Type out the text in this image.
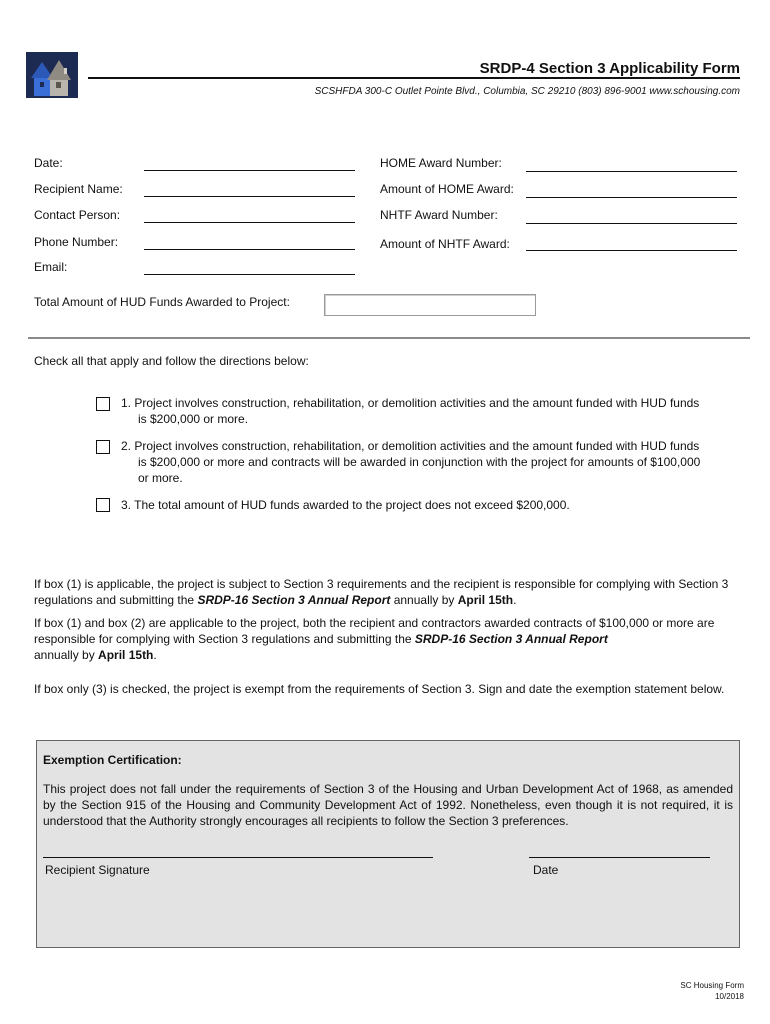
SRDP-4 Section 3 Applicability Form
SCSHFDA 300-C Outlet Pointe Blvd., Columbia, SC 29210 (803) 896-9001 www.schousing.com
Date:
Recipient Name:
Contact Person:
Phone Number:
Email:
HOME Award Number:
Amount of HOME Award:
NHTF Award Number:
Amount of NHTF Award:
Total Amount of HUD Funds Awarded to Project:
Check all that apply and follow the directions below:
1. Project involves construction, rehabilitation, or demolition activities and the amount funded with HUD funds
is $200,000 or more.
2. Project involves construction, rehabilitation, or demolition activities and the amount funded with HUD funds
is $200,000 or more and contracts will be awarded in conjunction with the project for amounts of $100,000
or more.
3. The total amount of HUD funds awarded to the project does not exceed $200,000.
If box (1) is applicable, the project is subject to Section 3 requirements and the recipient is responsible for complying with Section 3 regulations and submitting the SRDP-16 Section 3 Annual Report annually by April 15th.
If box (1) and box (2) are applicable to the project, both the recipient and contractors awarded contracts of $100,000 or more are responsible for complying with Section 3 regulations and submitting the SRDP-16 Section 3 Annual Report
annually by April 15th.
If box only (3) is checked, the project is exempt from the requirements of Section 3. Sign and date the exemption statement below.
Exemption Certification:
This project does not fall under the requirements of Section 3 of the Housing and Urban Development Act of 1968, as amended by the Section 915 of the Housing and Community Development Act of 1992. Nonetheless, even though it is not required, it is understood that the Authority strongly encourages all recipients to follow the Section 3 preferences.
Recipient Signature	Date
SC Housing Form
10/2018
